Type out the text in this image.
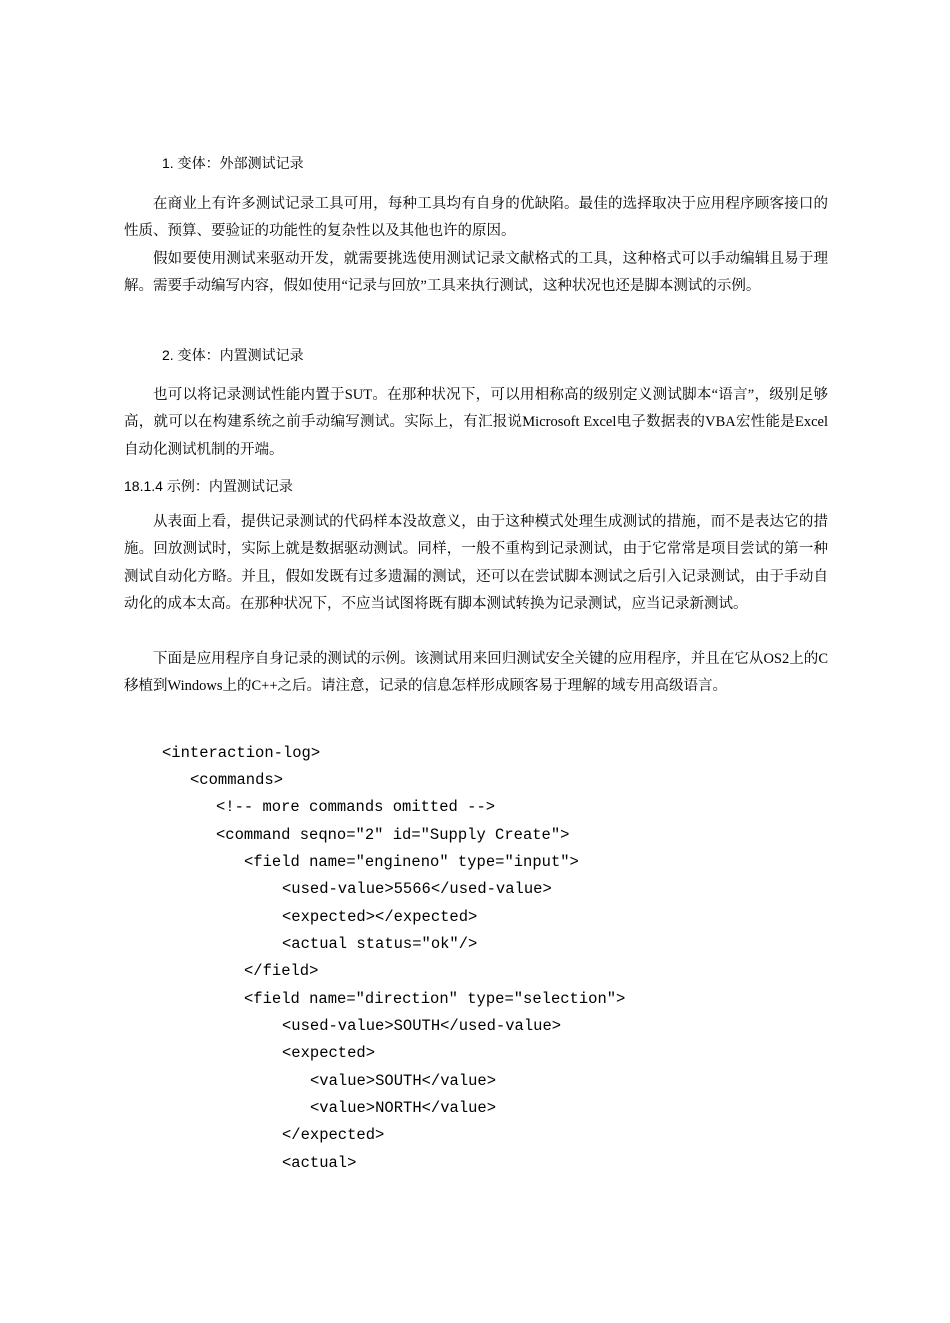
1. 变体：外部测试记录

在商业上有许多测试记录工具可用，每种工具均有自身的优缺陷。最佳的选择取决于应用程序顾客接口的性质、预算、要验证的功能性的复杂性以及其他也许的原因。

假如要使用测试来驱动开发，就需要挑选使用测试记录文献格式的工具，这种格式可以手动编辑且易于理解。需要手动编写内容，假如使用“记录与回放”工具来执行测试，这种状况也还是脚本测试的示例。

2. 变体：内置测试记录

也可以将记录测试性能内置于SUT。在那种状况下，可以用相称高的级别定义测试脚本“语言”，级别足够高，就可以在构建系统之前手动编写测试。实际上，有汇报说Microsoft Excel电子数据表的VBA宏性能是Excel自动化测试机制的开端。

18.1.4 示例：内置测试记录

从表面上看，提供记录测试的代码样本没故意义，由于这种模式处理生成测试的措施，而不是表达它的措施。回放测试时，实际上就是数据驱动测试。同样，一般不重构到记录测试，由于它常常是项目尝试的第一种测试自动化方略。并且，假如发既有过多遗漏的测试，还可以在尝试脚本测试之后引入记录测试，由于手动自动化的成本太高。在那种状况下，不应当试图将既有脚本测试转换为记录测试，应当记录新测试。

下面是应用程序自身记录的测试的示例。该测试用来回归测试安全关键的应用程序，并且在它从OS2上的C移植到Windows上的C++之后。请注意，记录的信息怎样形成顾客易于理解的域专用高级语言。

<interaction-log>
<commands>
<!-- more commands omitted -->
<command seqno="2" id="Supply Create">
<field name="engineno" type="input">
<used-value>5566</used-value>
<expected></expected>
<actual status="ok"/>
</field>
<field name="direction" type="selection">
<used-value>SOUTH</used-value>
<expected>
<value>SOUTH</value>
<value>NORTH</value>
</expected>
<actual>
